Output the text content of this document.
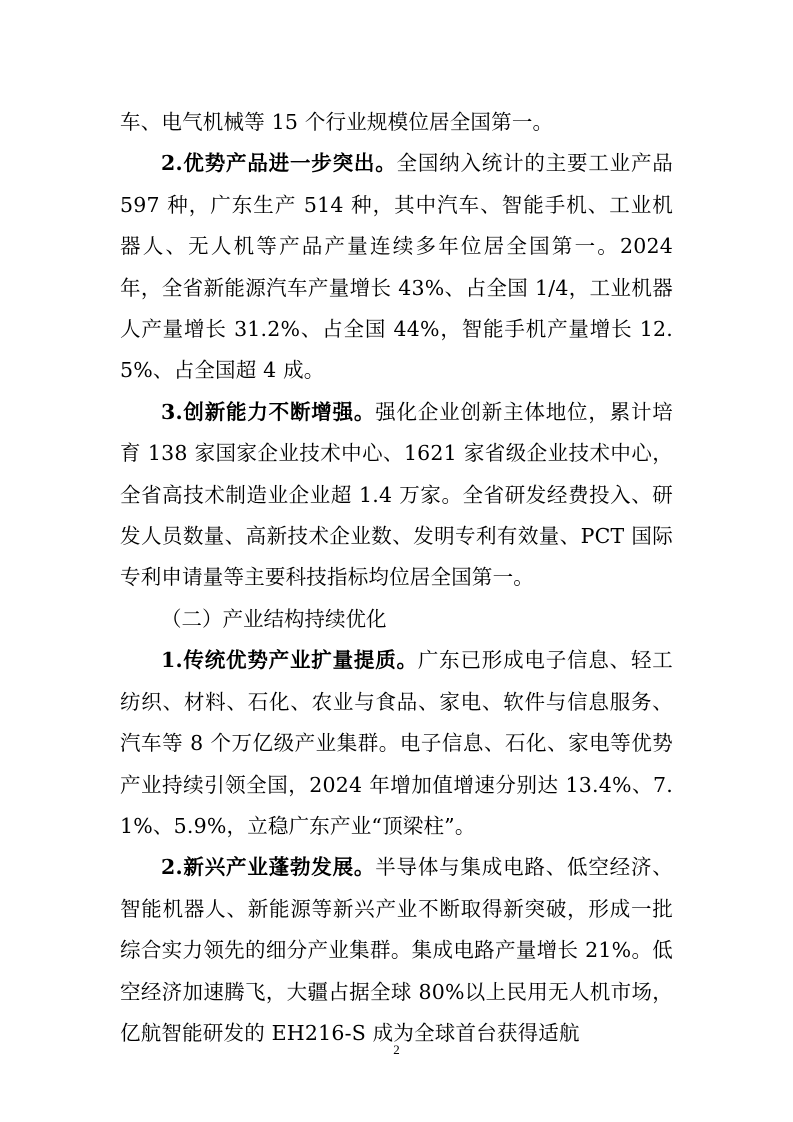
车、电气机械等 15 个行业规模位居全国第一。

2.优势产品进一步突出。全国纳入统计的主要工业产品 597 种，广东生产 514 种，其中汽车、智能手机、工业机器人、无人机等产品产量连续多年位居全国第一。2024 年，全省新能源汽车产量增长 43%、占全国 1/4，工业机器人产量增长 31.2%、占全国 44%，智能手机产量增长 12.5%、占全国超 4 成。

3.创新能力不断增强。强化企业创新主体地位，累计培育 138 家国家企业技术中心、1621 家省级企业技术中心，全省高技术制造业企业超 1.4 万家。全省研发经费投入、研发人员数量、高新技术企业数、发明专利有效量、PCT 国际专利申请量等主要科技指标均位居全国第一。

（二）产业结构持续优化

1.传统优势产业扩量提质。广东已形成电子信息、轻工纺织、材料、石化、农业与食品、家电、软件与信息服务、汽车等 8 个万亿级产业集群。电子信息、石化、家电等优势产业持续引领全国，2024 年增加值增速分别达 13.4%、7.1%、5.9%，立稳广东产业“顶梁柱”。

2.新兴产业蓬勃发展。半导体与集成电路、低空经济、智能机器人、新能源等新兴产业不断取得新突破，形成一批综合实力领先的细分产业集群。集成电路产量增长 21%。低空经济加速腾飞，大疆占据全球 80%以上民用无人机市场，亿航智能研发的 EH216-S 成为全球首台获得适航

2
